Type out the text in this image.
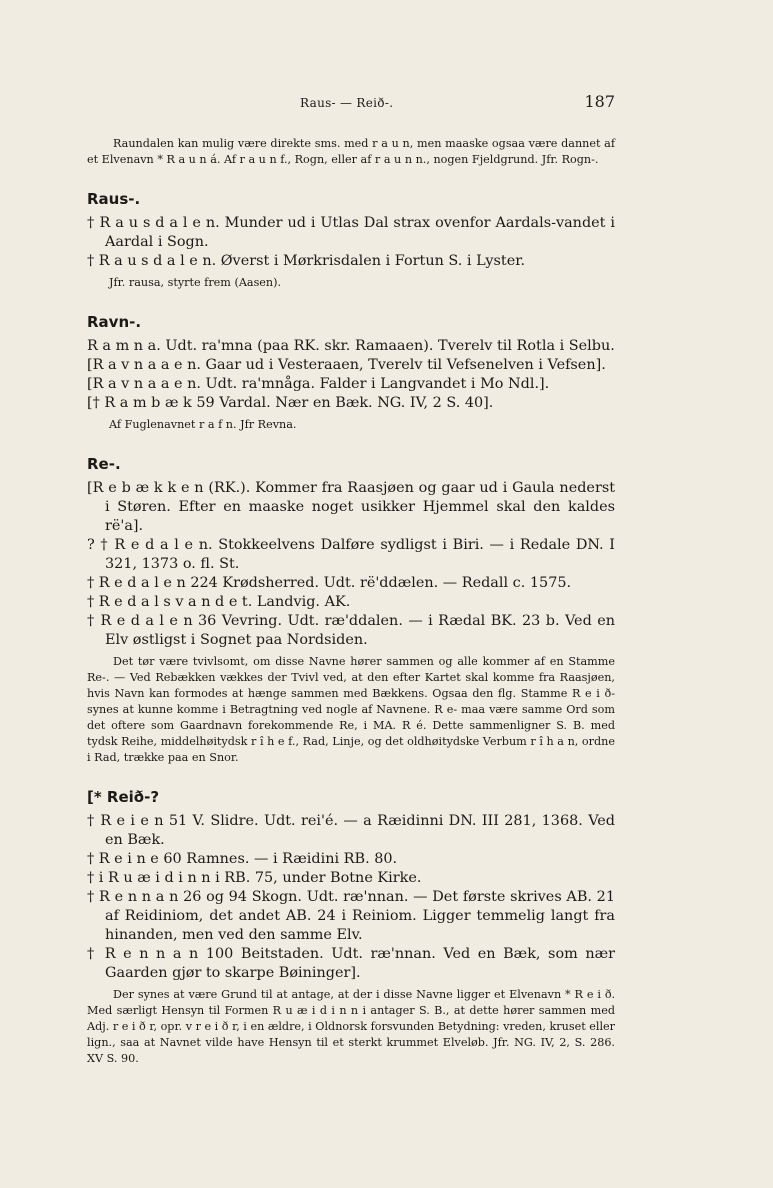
Raus- — Reið-.	187

Raundalen kan mulig være direkte sms. med r a u n, men maaske ogsaa være dannet af et Elvenavn * R a u n á. Af r a u n f., Rogn, eller af r a u n n., nogen Fjeldgrund. Jfr. Rogn-.

Raus-.

† R a u s d a l e n. Munder ud i Utlas Dal strax ovenfor Aardals-vandet i Aardal i Sogn.

† R a u s d a l e n. Øverst i Mørkrisdalen i Fortun S. i Lyster.

Jfr. rausa, styrte frem (Aasen).

Ravn-.

R a m n a. Udt. ra'mna (paa RK. skr. Ramaaen). Tverelv til Rotla i Selbu.

[R a v n a a e n. Gaar ud i Vesteraaen, Tverelv til Vefsenelven i Vefsen].

[R a v n a a e n. Udt. ra'mnåga. Falder i Langvandet i Mo Ndl.].

[† R a m b æ k 59 Vardal. Nær en Bæk. NG. IV, 2 S. 40].

Af Fuglenavnet r a f n. Jfr Revna.

Re-.

[R e b æ k k e n (RK.). Kommer fra Raasjøen og gaar ud i Gaula nederst i Støren. Efter en maaske noget usikker Hjemmel skal den kaldes rë'a].

? † R e d a l e n. Stokkeelvens Dalføre sydligst i Biri. — i Redale DN. I 321, 1373 o. fl. St.

† R e d a l e n 224 Krødsherred. Udt. rë'ddælen. — Redall c. 1575.

† R e d a l s v a n d e t. Landvig. AK.

† R e d a l e n 36 Vevring. Udt. ræ'ddalen. — i Rædal BK. 23 b. Ved en Elv østligst i Sognet paa Nordsiden.

Det tør være tvivlsomt, om disse Navne hører sammen og alle kommer af en Stamme Re-. — Ved Rebækken vækkes der Tvivl ved, at den efter Kartet skal komme fra Raasjøen, hvis Navn kan formodes at hænge sammen med Bækkens. Ogsaa den flg. Stamme R e i ð- synes at kunne komme i Betragtning ved nogle af Navnene. R e- maa være samme Ord som det oftere som Gaardnavn forekommende Re, i MA. R é. Dette sammenligner S. B. med tydsk Reihe, middelhøitydsk r î h e f., Rad, Linje, og det oldhøitydske Verbum r î h a n, ordne i Rad, trække paa en Snor.

[* Reið-?

† R e i e n 51 V. Slidre. Udt. rei'é. — a Ræidinni DN. III 281, 1368. Ved en Bæk.

† R e i n e 60 Ramnes. — i Ræidini RB. 80.

† i R u æ i d i n n i RB. 75, under Botne Kirke.

† R e n n a n 26 og 94 Skogn. Udt. ræ'nnan. — Det første skrives AB. 21 af Reidiniom, det andet AB. 24 i Reiniom. Ligger temmelig langt fra hinanden, men ved den samme Elv.

† R e n n a n 100 Beitstaden. Udt. ræ'nnan. Ved en Bæk, som nær Gaarden gjør to skarpe Bøininger].

Der synes at være Grund til at antage, at der i disse Navne ligger et Elvenavn * R e i ð. Med særligt Hensyn til Formen R u æ i d i n n i antager S. B., at dette hører sammen med Adj. r e i ð r, opr. v r e i ð r, i en ældre, i Oldnorsk forsvunden Betydning: vreden, kruset eller lign., saa at Navnet vilde have Hensyn til et sterkt krummet Elveløb. Jfr. NG. IV, 2, S. 286. XV S. 90.
